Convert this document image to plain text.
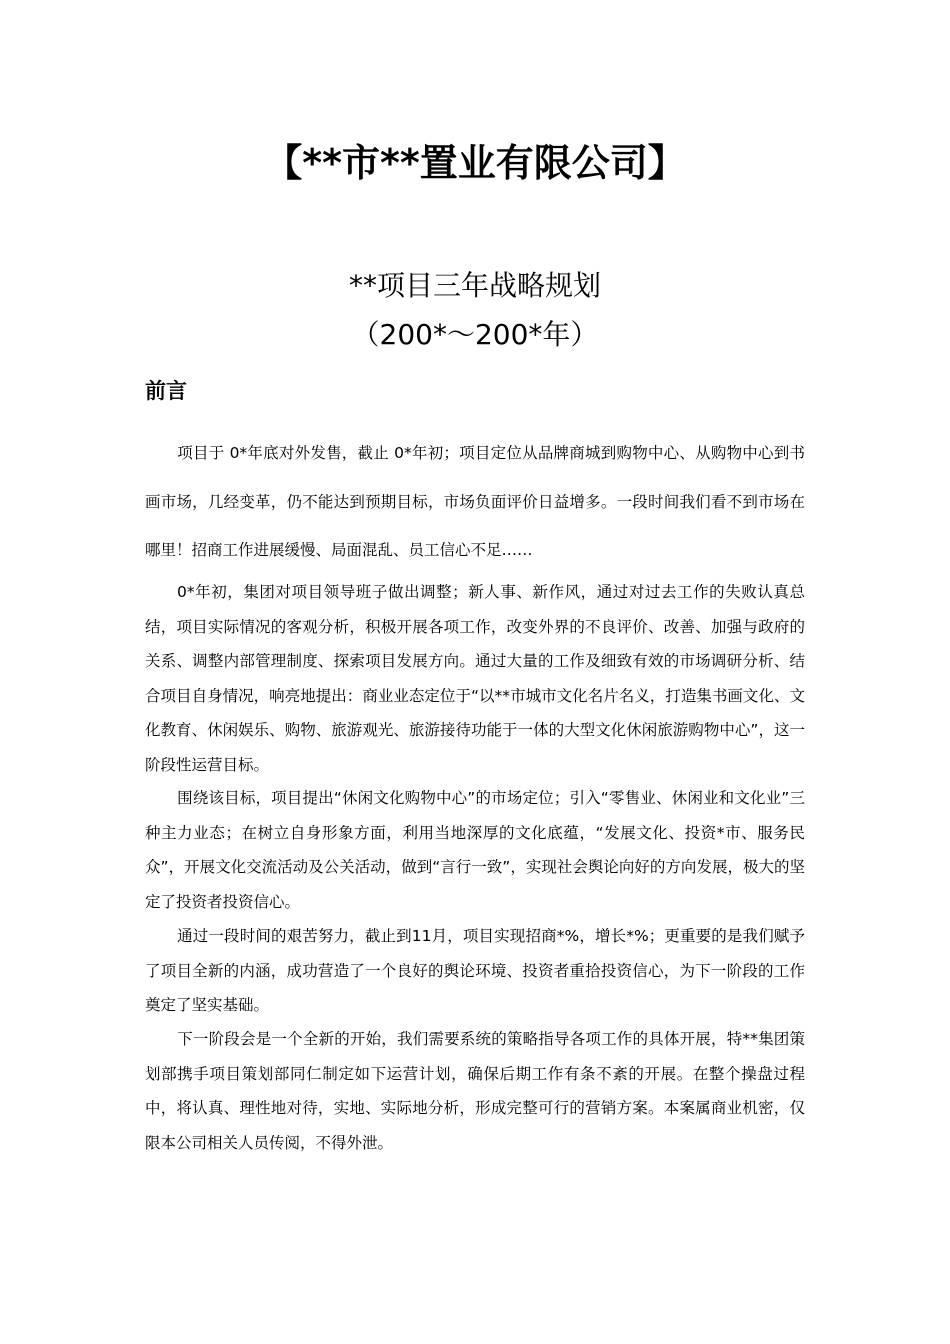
【**市**置业有限公司】
**项目三年战略规划
（200*～200*年）
前言

项目于 0*年底对外发售，截止 0*年初；项目定位从品牌商城到购物中心、从购物中心到书画市场，几经变革，仍不能达到预期目标，市场负面评价日益增多。一段时间我们看不到市场在哪里！招商工作进展缓慢、局面混乱、员工信心不足……

0*年初，集团对项目领导班子做出调整；新人事、新作风，通过对过去工作的失败认真总结，项目实际情况的客观分析，积极开展各项工作，改变外界的不良评价、改善、加强与政府的关系、调整内部管理制度、探索项目发展方向。通过大量的工作及细致有效的市场调研分析、结合项目自身情况，响亮地提出：商业业态定位于“以**市城市文化名片名义，打造集书画文化、文化教育、休闲娱乐、购物、旅游观光、旅游接待功能于一体的大型文化休闲旅游购物中心”，这一阶段性运营目标。

围绕该目标，项目提出“休闲文化购物中心”的市场定位；引入“零售业、休闲业和文化业”三种主力业态；在树立自身形象方面，利用当地深厚的文化底蕴，“发展文化、投资*市、服务民众”，开展文化交流活动及公关活动，做到“言行一致”，实现社会舆论向好的方向发展，极大的坚定了投资者投资信心。

通过一段时间的艰苦努力，截止到11月，项目实现招商*%，增长*%；更重要的是我们赋予了项目全新的内涵，成功营造了一个良好的舆论环境、投资者重拾投资信心，为下一阶段的工作奠定了坚实基础。

下一阶段会是一个全新的开始，我们需要系统的策略指导各项工作的具体开展，特**集团策划部携手项目策划部同仁制定如下运营计划，确保后期工作有条不紊的开展。在整个操盘过程中，将认真、理性地对待，实地、实际地分析，形成完整可行的营销方案。本案属商业机密，仅限本公司相关人员传阅，不得外泄。
